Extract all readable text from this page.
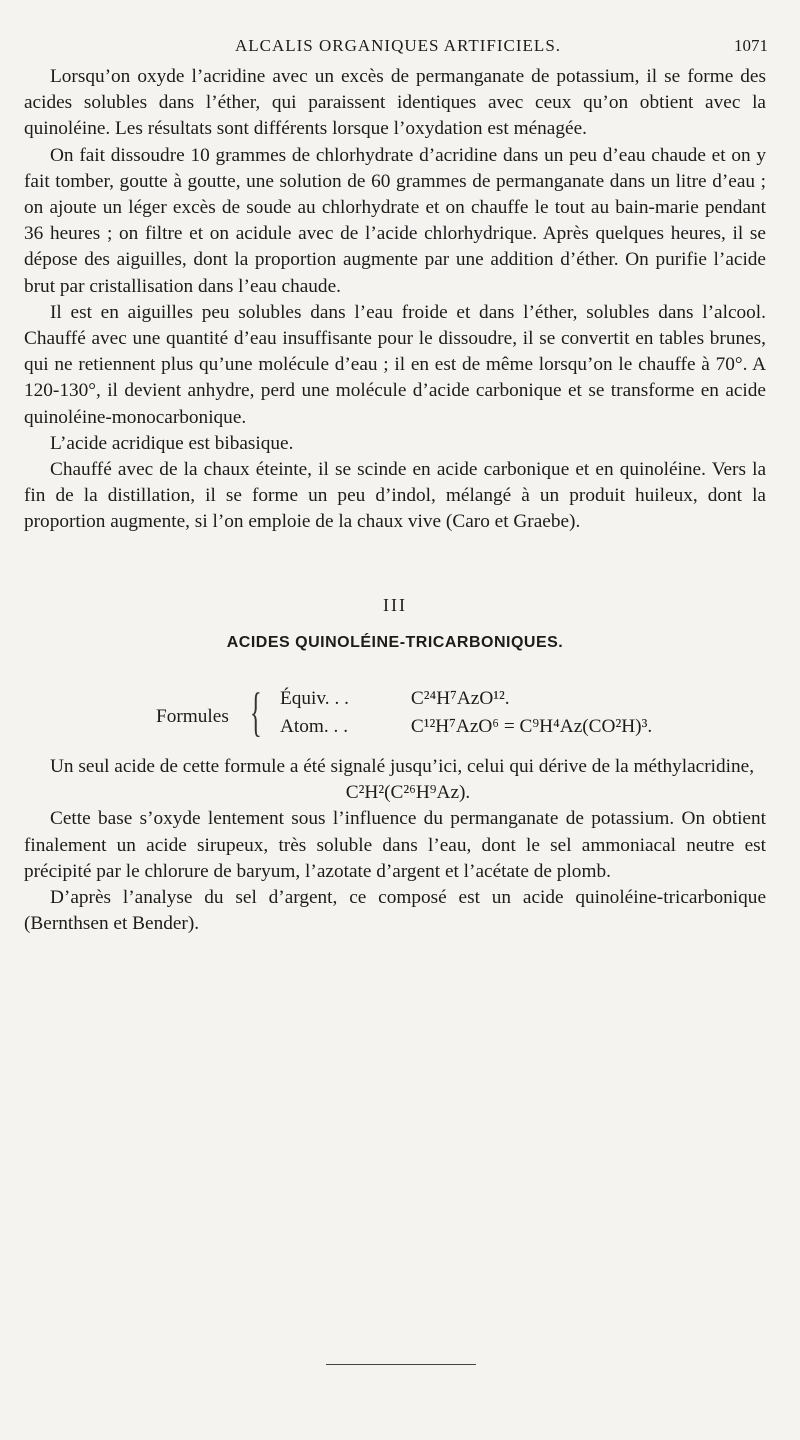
ALCALIS ORGANIQUES ARTIFICIELS.	1071

Lorsqu’on oxyde l’acridine avec un excès de permanganate de potassium, il se forme des acides solubles dans l’éther, qui paraissent identiques avec ceux qu’on obtient avec la quinoléine. Les résultats sont différents lorsque l’oxydation est ménagée.

On fait dissoudre 10 grammes de chlorhydrate d’acridine dans un peu d’eau chaude et on y fait tomber, goutte à goutte, une solution de 60 grammes de permanganate dans un litre d’eau ; on ajoute un léger excès de soude au chlorhydrate et on chauffe le tout au bain-marie pendant 36 heures ; on filtre et on acidule avec de l’acide chlorhydrique. Après quelques heures, il se dépose des aiguilles, dont la proportion augmente par une addition d’éther. On purifie l’acide brut par cristallisation dans l’eau chaude.

Il est en aiguilles peu solubles dans l’eau froide et dans l’éther, solubles dans l’alcool. Chauffé avec une quantité d’eau insuffisante pour le dissoudre, il se convertit en tables brunes, qui ne retiennent plus qu’une molécule d’eau ; il en est de même lorsqu’on le chauffe à 70°. A 120-130°, il devient anhydre, perd une molécule d’acide carbonique et se transforme en acide quinoléine-monocarbonique.

L’acide acridique est bibasique.

Chauffé avec de la chaux éteinte, il se scinde en acide carbonique et en quinoléine. Vers la fin de la distillation, il se forme un peu d’indol, mélangé à un produit huileux, dont la proportion augmente, si l’on emploie de la chaux vive (Caro et Graebe).

III
ACIDES QUINOLÉINE-TRICARBONIQUES.
Formules { Équiv. . .	C²⁴H⁷AzO¹².
Atom. . .	C¹²H⁷AzO⁶ = C⁹H⁴Az(CO²H)³.

Un seul acide de cette formule a été signalé jusqu’ici, celui qui dérive de la méthylacridine,

C²H²(C²⁶H⁹Az).

Cette base s’oxyde lentement sous l’influence du permanganate de potassium. On obtient finalement un acide sirupeux, très soluble dans l’eau, dont le sel ammoniacal neutre est précipité par le chlorure de baryum, l’azotate d’argent et l’acétate de plomb.

D’après l’analyse du sel d’argent, ce composé est un acide quinoléine-tricarbonique (Bernthsen et Bender).
